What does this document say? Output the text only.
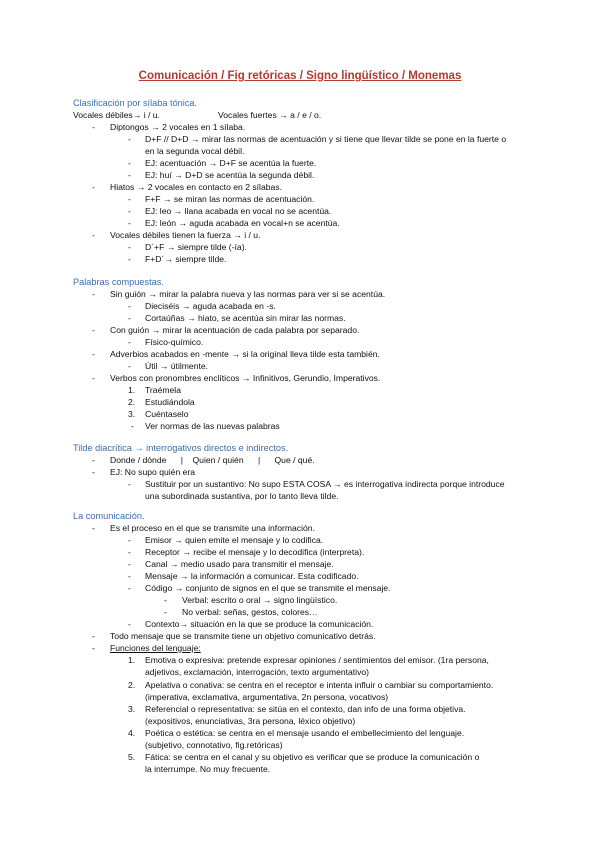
Comunicación / Fig retóricas / Signo lingüístico / Monemas
Clasificación por sílaba tónica.
Vocales débiles→ i / u.	Vocales fuertes → a / e / o.
- Diptongos → 2 vocales en 1 sílaba.
- D+F // D+D → mirar las normas de acentuación y si tiene que llevar tilde se pone en la fuerte o
en la segunda vocal débil.
- EJ: acentuación → D+F se acentúa la fuerte.
- EJ: huí → D+D se acentúa la segunda débil.
- Hiatos → 2 vocales en contacto en 2 sílabas.
- F+F → se miran las normas de acentuación.
- EJ: leo → llana acabada en vocal no se acentúa.
- EJ: león → aguda acabada en vocal+n se acentúa.
- Vocales débiles tienen la fuerza → i / u.
- D´+F → siempre tilde (-ía).
- F+D´→ siempre tilde.
Palabras compuestas.
- Sin guión → mirar la palabra nueva y las normas para ver si se acentúa.
- Dieciséis → aguda acabada en -s.
- Cortaúñas → hiato, se acentúa sin mirar las normas.
- Con guión → mirar la acentuación de cada palabra por separado.
- Físico-químico.
- Adverbios acabados en -mente → si la original lleva tilde esta también.
- Útil → útilmente.
- Verbos con pronombres enclíticos → Infinitivos, Gerundio, Imperativos.
1. Traémela
2. Estudiándola
3. Cuéntaselo
- Ver normas de las nuevas palabras
Tilde diacrítica → interrogativos directos e indirectos.
- Donde / dónde      |    Quien / quién      |      Que / qué.
- EJ: No supo quién era
- Sustituir por un sustantivo: No supo ESTA COSA → es interrogativa indirecta porque introduce
una subordinada sustantiva, por lo tanto lleva tilde.
La comunicación.
- Es el proceso en el que se transmite una información.
- Emisor → quien emite el mensaje y lo codifica.
- Receptor → recibe el mensaje y lo decodifica (interpreta).
- Canal → medio usado para transmitir el mensaje.
- Mensaje → la información a comunicar. Esta codificado.
- Código → conjunto de signos en el que se transmite el mensaje.
- Verbal: escrito o oral → signo lingüístico.
- No verbal: señas, gestos, colores…
- Contexto→ situación en la que se produce la comunicación.
- Todo mensaje que se transmite tiene un objetivo comunicativo detrás.
- Funciones del lenguaje:
1. Emotiva o expresiva: pretende expresar opiniones / sentimientos del emisor. (1ra persona,
adjetivos, exclamación, interrogación, texto argumentativo)
2. Apelativa o conativa: se centra en el receptor e intenta influir o cambiar su comportamiento.
(imperativa, exclamativa, argumentativa, 2n persona, vocativos)
3. Referencial o representativa: se sitúa en el contexto, dan info de una forma objetiva.
(expositivos, enunciativas, 3ra persona, léxico objetivo)
4. Poética o estética: se centra en el mensaje usando el embellecimiento del lenguaje.
(subjetivo, connotativo, fig.retóricas)
5. Fática: se centra en el canal y su objetivo es verificar que se produce la comunicación o
la interrumpe. No muy frecuente.
